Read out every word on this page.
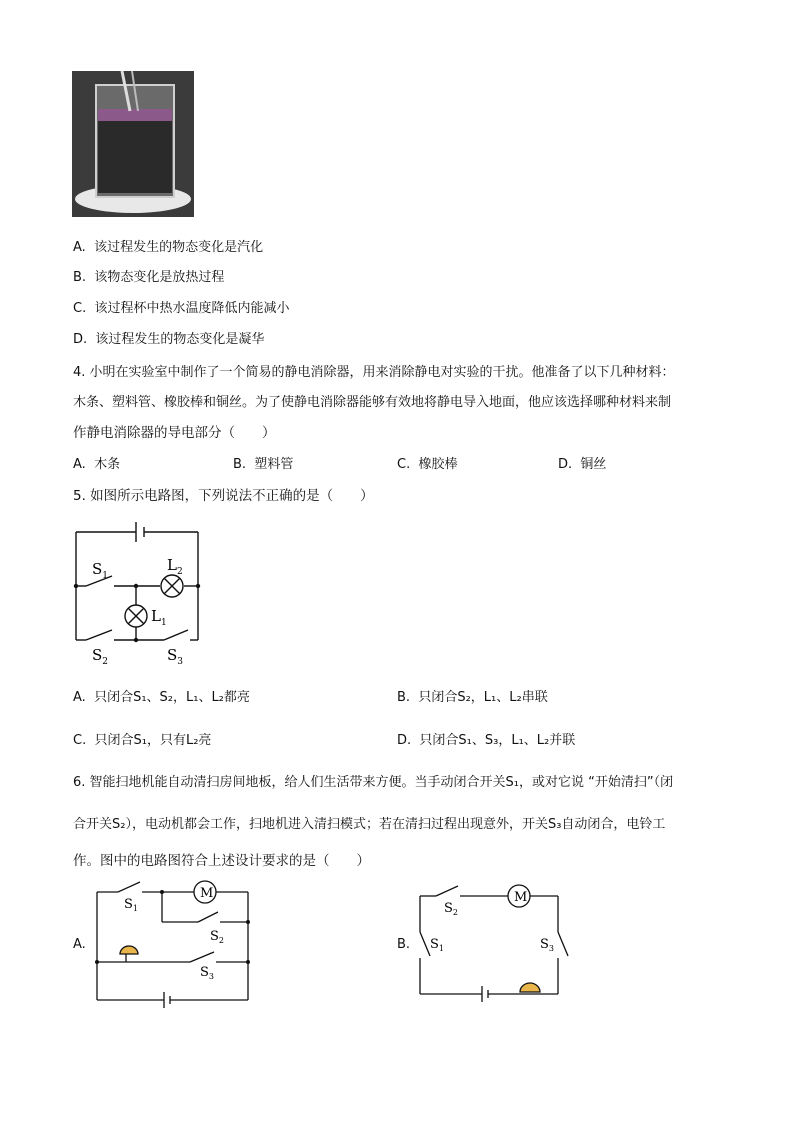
A. 该过程发生的物态变化是汽化
B. 该物态变化是放热过程
C. 该过程杯中热水温度降低内能减小
D. 该过程发生的物态变化是凝华
4. 小明在实验室中制作了一个简易的静电消除器，用来消除静电对实验的干扰。他准备了以下几种材料：
木条、塑料管、橡胶棒和铜丝。为了使静电消除器能够有效地将静电导入地面，他应该选择哪种材料来制
作静电消除器的导电部分（　　）
A. 木条	B. 塑料管	C. 橡胶棒	D. 铜丝
5. 如图所示电路图，下列说法不正确的是（　　）
$S_1$
$L_2$
$L_1$
$S_2$	$S_3$
A. 只闭合S₁、S₂，L₁、L₂都亮	B. 只闭合S₂，L₁、L₂串联
C. 只闭合S₁，只有L₂亮	D. 只闭合S₁、S₃，L₁、L₂并联
6. 智能扫地机能自动清扫房间地板，给人们生活带来方便。当手动闭合开关S₁，或对它说 “开始清扫”（闭
合开关S₂），电动机都会工作，扫地机进入清扫模式；若在清扫过程出现意外，开关S₃自动闭合，电铃工
作。图中的电路图符合上述设计要求的是（　　）
A.
M
$S_1$
$S_2$
$S_3$
B.
M
$S_2$
$S_1$	$S_3$
